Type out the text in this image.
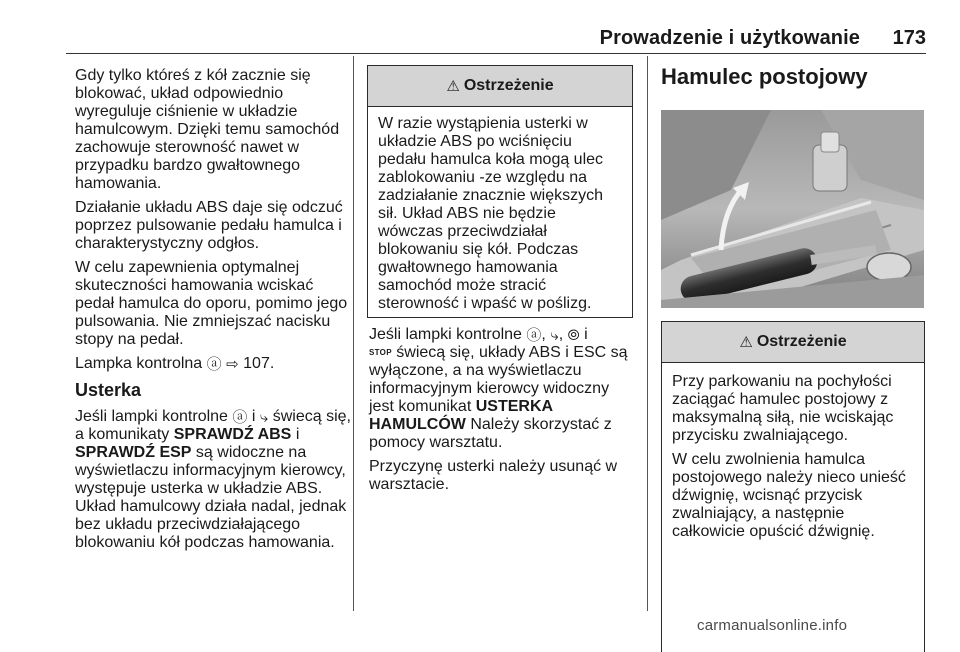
Prowadzenie i użytkowanie	173

Gdy tylko któreś z kół zacznie się blokować, układ odpowiednio wyreguluje ciśnienie w układzie hamulcowym. Dzięki temu samochód zachowuje sterowność nawet w przypadku bardzo gwałtownego hamowania.

Działanie układu ABS daje się odczuć poprzez pulsowanie pedału hamulca i charakterystyczny odgłos.

W celu zapewnienia optymalnej skuteczności hamowania wciskać pedał hamulca do oporu, pomimo jego pulsowania. Nie zmniejszać nacisku stopy na pedał.

Lampka kontrolna ⓐ ⇨ 107.

Usterka

Jeśli lampki kontrolne ⓐ i ⤷ świecą się, a komunikaty SPRAWDŹ ABS i SPRAWDŹ ESP są widoczne na wyświetlaczu informacyjnym kierowcy, występuje usterka w układzie ABS. Układ hamulcowy działa nadal, jednak bez układu przeciwdziałającego blokowaniu kół podczas hamowania.

⚠ Ostrzeżenie

W razie wystąpienia usterki w układzie ABS po wciśnięciu pedału hamulca koła mogą ulec zablokowaniu -ze względu na zadziałanie znacznie większych sił. Układ ABS nie będzie wówczas przeciwdziałał blokowaniu się kół. Podczas gwałtownego hamowania samochód może stracić sterowność i wpaść w poślizg.

Jeśli lampki kontrolne ⓐ, ⤷, ⦾ i
STOP świecą się, układy ABS i ESC są wyłączone, a na wyświetlaczu informacyjnym kierowcy widoczny jest komunikat USTERKA HAMULCÓW Należy skorzystać z pomocy warsztatu.

Przyczynę usterki należy usunąć w warsztacie.

Hamulec postojowy
⚠ Ostrzeżenie

Przy parkowaniu na pochyłości zaciągać hamulec postojowy z maksymalną siłą, nie wciskając przycisku zwalniającego.

W celu zwolnienia hamulca postojowego należy nieco unieść dźwignię, wcisnąć przycisk zwalniający, a następnie całkowicie opuścić dźwignię.

carmanualsonline.info
